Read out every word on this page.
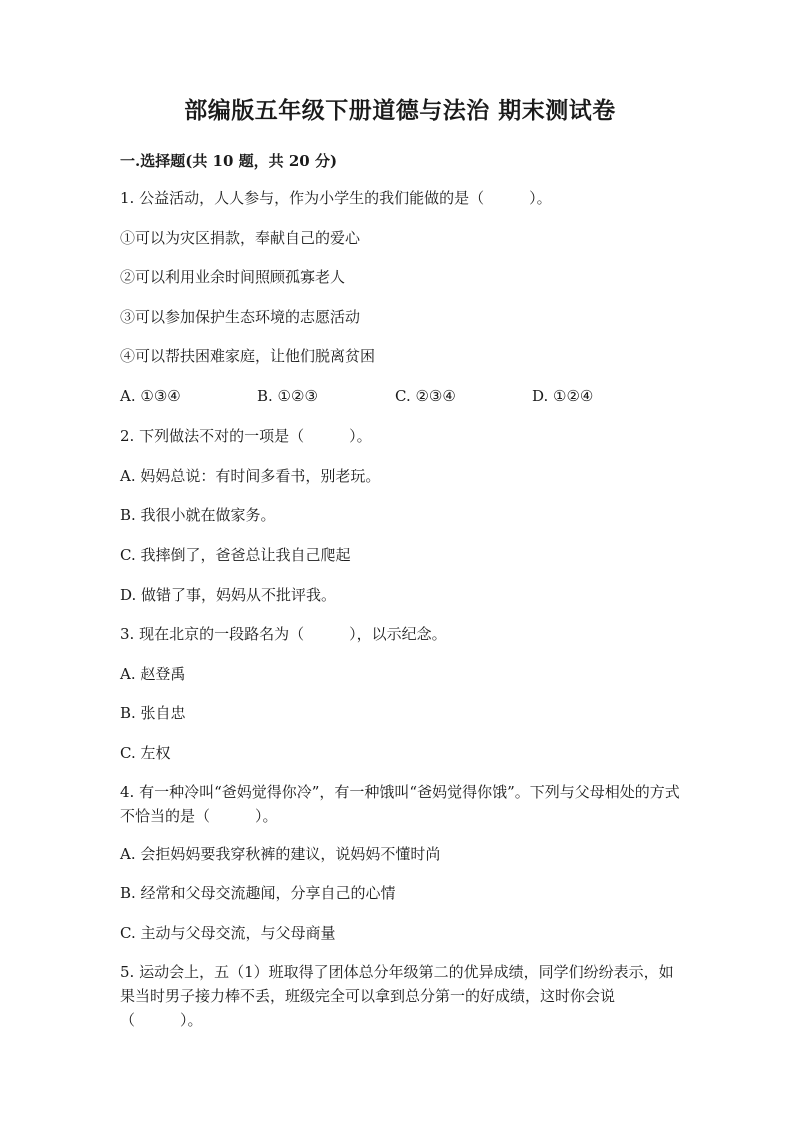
部编版五年级下册道德与法治 期末测试卷

一.选择题(共 10 题，共 20 分)

1. 公益活动，人人参与，作为小学生的我们能做的是（　　　）。

①可以为灾区捐款，奉献自己的爱心

②可以利用业余时间照顾孤寡老人

③可以参加保护生态环境的志愿活动

④可以帮扶困难家庭，让他们脱离贫困

A. ①③④	B. ①②③	C. ②③④	D. ①②④

2. 下列做法不对的一项是（　　　）。

A. 妈妈总说：有时间多看书，别老玩。

B. 我很小就在做家务。

C. 我摔倒了，爸爸总让我自己爬起

D. 做错了事，妈妈从不批评我。

3. 现在北京的一段路名为（　　　），以示纪念。

A. 赵登禹

B. 张自忠

C. 左权

4. 有一种冷叫“爸妈觉得你冷”，有一种饿叫“爸妈觉得你饿”。下列与父母相处的方式不恰当的是（　　　）。

A. 会拒妈妈要我穿秋裤的建议，说妈妈不懂时尚

B. 经常和父母交流趣闻，分享自己的心情

C. 主动与父母交流，与父母商量

5. 运动会上，五（1）班取得了团体总分年级第二的优异成绩，同学们纷纷表示，如果当时男子接力棒不丢，班级完全可以拿到总分第一的好成绩，这时你会说（　　　）。
